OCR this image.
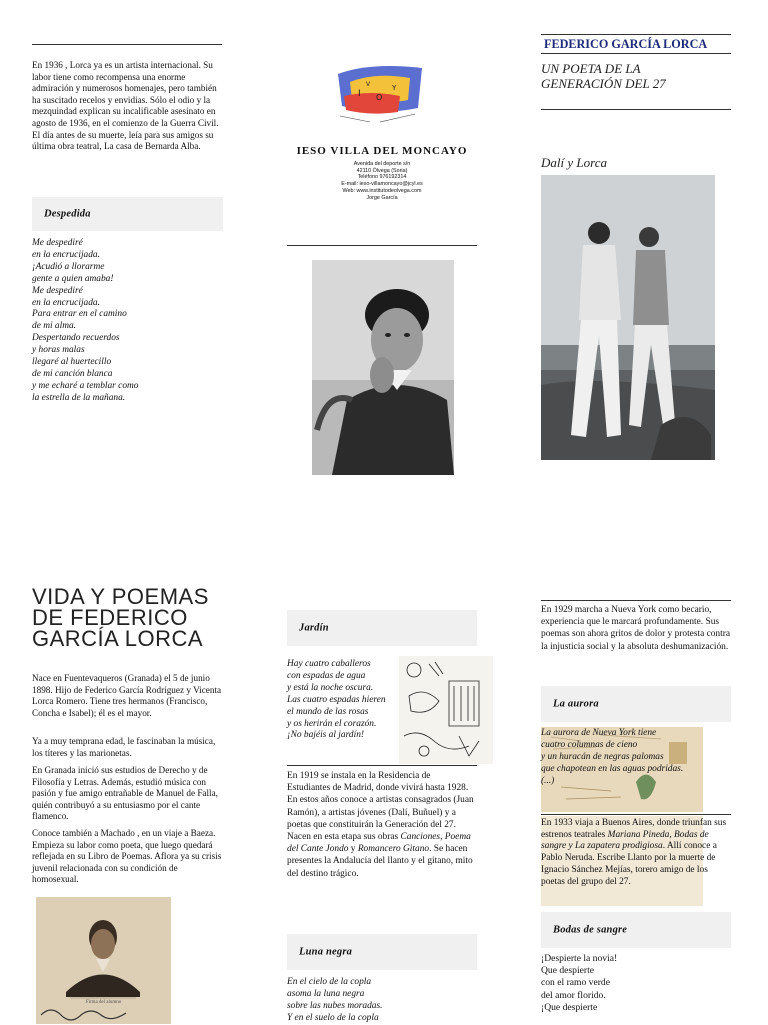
En 1936 , Lorca ya es un artista internacional. Su labor tiene como recompensa una enorme admiración y numerosos homenajes, pero también ha suscitado recelos y envidias. Sólo el odio y la mezquindad explican su incalificable asesinato en agosto de 1936, en el comienzo de la Guerra Civil. El día antes de su muerte, leía para sus amigos su última obra teatral, La casa de Bernarda Alba.

Despedida

Me despediré

en la encrucijada.

¡Acudió a llorarme

gente a quien amaba!

Me despediré

en la encrucijada.

Para entrar en el camino

de mi alma.

Despertando recuerdos

y horas malas

llegaré al huertecillo

de mi canción blanca

y me echaré a temblar como

la estrella de la mañana.

VIDA Y POEMAS
DE FEDERICO
GARCÍA LORCA

Nace en Fuentevaqueros (Granada) el 5 de junio 1898. Hijo de Federico García Rodríguez y Vicenta Lorca Romero. Tiene tres hermanos (Francisco, Concha e Isabel); él es el mayor.

Ya a muy temprana edad, le fascinaban la música, los títeres y las marionetas.

En Granada inició sus estudios de Derecho y de Filosofía y Letras. Además, estudió música con pasión y fue amigo entrañable de Manuel de Falla, quién contribuyó a su entusiasmo por el cante flamenco.

Conoce también a Machado , en un viaje a Baeza. Empieza su labor como poeta, que luego quedará reflejada en su Libro de Poemas. Aflora ya su crisis juvenil relacionada con su condición de homosexual.

Firma del alumno
I
V
O
Y
IESO VILLA DEL MONCAYO
Avenida del deporte s/n
42110 Ólvega (Soria)
Teléfono 976192314
E-mail: ieso-villamoncayo@jcyl.es
Web: www.institutodeolvega.com
Jorge García
Jardín

Hay cuatro caballeros

con espadas de agua

y está la noche oscura.

Las cuatro espadas hieren

el mundo de las rosas

y os herirán el corazón.

¡No bajéis al jardín!

En 1919 se instala en la Residencia de Estudiantes de Madrid, donde vivirá hasta 1928. En estos años conoce a artistas consagrados (Juan Ramón), a artistas jóvenes (Dalí, Buñuel) y a poetas que constituirán la Generación del 27. Nacen en esta etapa sus obras Canciones, Poema del Cante Jondo y Romancero Gitano. Se hacen presentes la Andalucía del llanto y el gitano, mito del destino trágico.

Luna negra

En el cielo de la copla

asoma la luna negra

sobre las nubes moradas.

Y en el suelo de la copla

FEDERICO GARCÍA LORCA
UN POETA DE LA
GENERACIÓN DEL 27
Dalí y Lorca

En 1929 marcha a Nueva York como becario, experiencia que le marcará profundamente. Sus poemas son ahora gritos de dolor y protesta contra la injusticia social y la absoluta deshumanización.

La aurora

La aurora de Nueva York tiene

cuatro columnas de cieno

y un huracán de negras palomas

que chapotean en las aguas podridas.

(...)

En 1933 viaja a Buenos Aires, donde triunfan sus estrenos teatrales Mariana Pineda, Bodas de sangre y La zapatera prodigiosa. Allí conoce a Pablo Neruda. Escribe Llanto por la muerte de Ignacio Sánchez Mejías, torero amigo de los poetas del grupo del 27.

Bodas de sangre
¡Despierte la novia!
Que despierte
con el ramo verde
del amor florido.
¡Que despierte
